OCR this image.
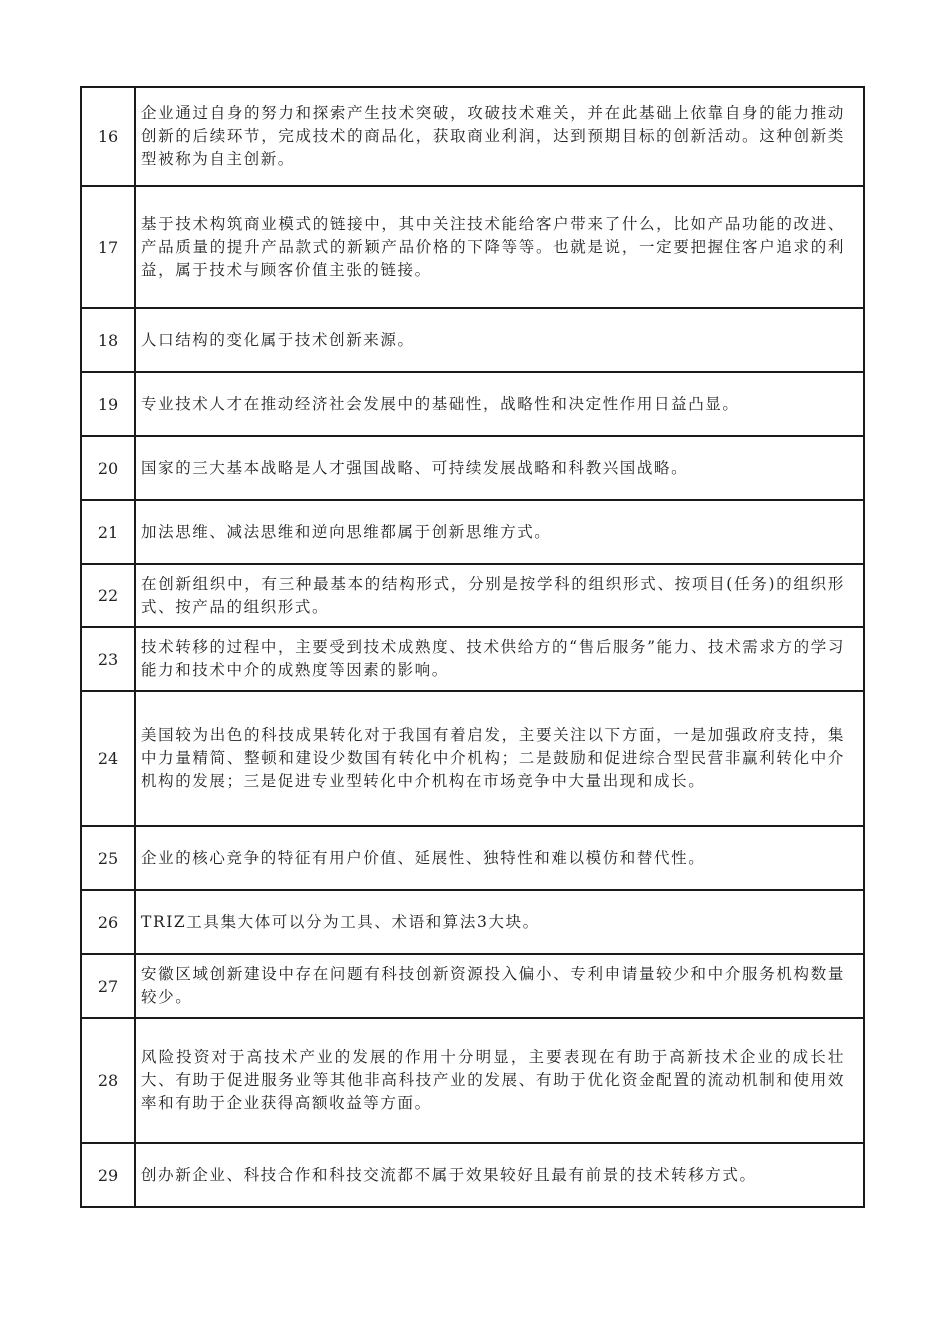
16	企业通过自身的努力和探索产生技术突破，攻破技术难关，并在此基础上依靠自身的能力推动创新的后续环节，完成技术的商品化，获取商业利润，达到预期目标的创新活动。这种创新类型被称为自主创新。
17	基于技术构筑商业模式的链接中，其中关注技术能给客户带来了什么，比如产品功能的改进、产品质量的提升产品款式的新颖产品价格的下降等等。也就是说，一定要把握住客户追求的利益，属于技术与顾客价值主张的链接。
18	人口结构的变化属于技术创新来源。
19	专业技术人才在推动经济社会发展中的基础性，战略性和决定性作用日益凸显。
20	国家的三大基本战略是人才强国战略、可持续发展战略和科教兴国战略。
21	加法思维、减法思维和逆向思维都属于创新思维方式。
22	在创新组织中，有三种最基本的结构形式，分别是按学科的组织形式、按项目(任务)的组织形式、按产品的组织形式。
23	技术转移的过程中，主要受到技术成熟度、技术供给方的“售后服务”能力、技术需求方的学习能力和技术中介的成熟度等因素的影响。
24	美国较为出色的科技成果转化对于我国有着启发，主要关注以下方面，一是加强政府支持，集中力量精简、整顿和建设少数国有转化中介机构；二是鼓励和促进综合型民营非赢利转化中介机构的发展；三是促进专业型转化中介机构在市场竞争中大量出现和成长。
25	企业的核心竞争的特征有用户价值、延展性、独特性和难以模仿和替代性。
26	TRIZ工具集大体可以分为工具、术语和算法3大块。
27	安徽区域创新建设中存在问题有科技创新资源投入偏小、专利申请量较少和中介服务机构数量较少。
28	风险投资对于高技术产业的发展的作用十分明显，主要表现在有助于高新技术企业的成长壮大、有助于促进服务业等其他非高科技产业的发展、有助于优化资金配置的流动机制和使用效率和有助于企业获得高额收益等方面。
29	创办新企业、科技合作和科技交流都不属于效果较好且最有前景的技术转移方式。
